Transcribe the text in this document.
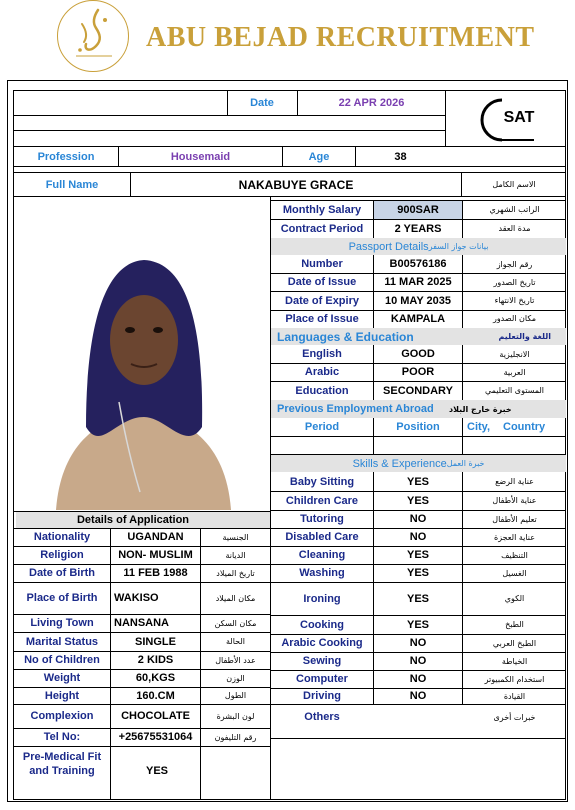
ABU BEJAD RECRUITMENT
Date	22 APR 2026
SAT
Profession	Housemaid	Age	38
Full Name	NAKABUYE GRACE	الاسم الكامل
Monthly Salary	900SAR	الراتب الشهري
Contract Period	2 YEARS	مدة العقد
Number	B00576186	رقم الجواز
Date of Issue	11 MAR 2025	تاريخ الصدور
Date of Expiry	10 MAY 2035	تاريخ الانتهاء
Place of Issue	KAMPALA	مكان الصدور
English	GOOD	الانجليزية
Arabic	POOR	العربية
Education	SECONDARY	المستوى التعليمي
Baby Sitting	YES	عناية الرضع
Children Care	YES	عناية الأطفال
Tutoring	NO	تعليم الأطفال
Disabled Care	NO	عناية العجزة
Cleaning	YES	التنظيف
Washing	YES	الغسيل
Ironing	YES	الكوي
Cooking	YES	الطبخ
Arabic Cooking	NO	الطبخ العربي
Sewing	NO	الخياطة
Computer	NO	استخدام الكمبيوتر
Driving	NO	القيادة
Others	خبرات أخرى
Passport Details بيانات جواز السفر
Languages & Education	اللغة والتعليم
Previous Employment Abroad	خبرة خارج البلاد
Period	Position	City,	Country
Skills & Experience خبرة العمل
Details of Application
Nationality	UGANDAN	الجنسية
Religion	NON- MUSLIM	الديانة
Date of Birth	11 FEB 1988	تاريخ الميلاد
Place of Birth	WAKISO	مكان الميلاد
Living Town	NANSANA	مكان السكن
Marital Status	SINGLE	الحالة
No of Children	2 KIDS	عدد الأطفال
Weight	60,KGS	الوزن
Height	160.CM	الطول
Complexion	CHOCOLATE	لون البشرة
Tel No:	+25675531064	رقم التليفون
Pre-Medical Fit
and Training	YES
